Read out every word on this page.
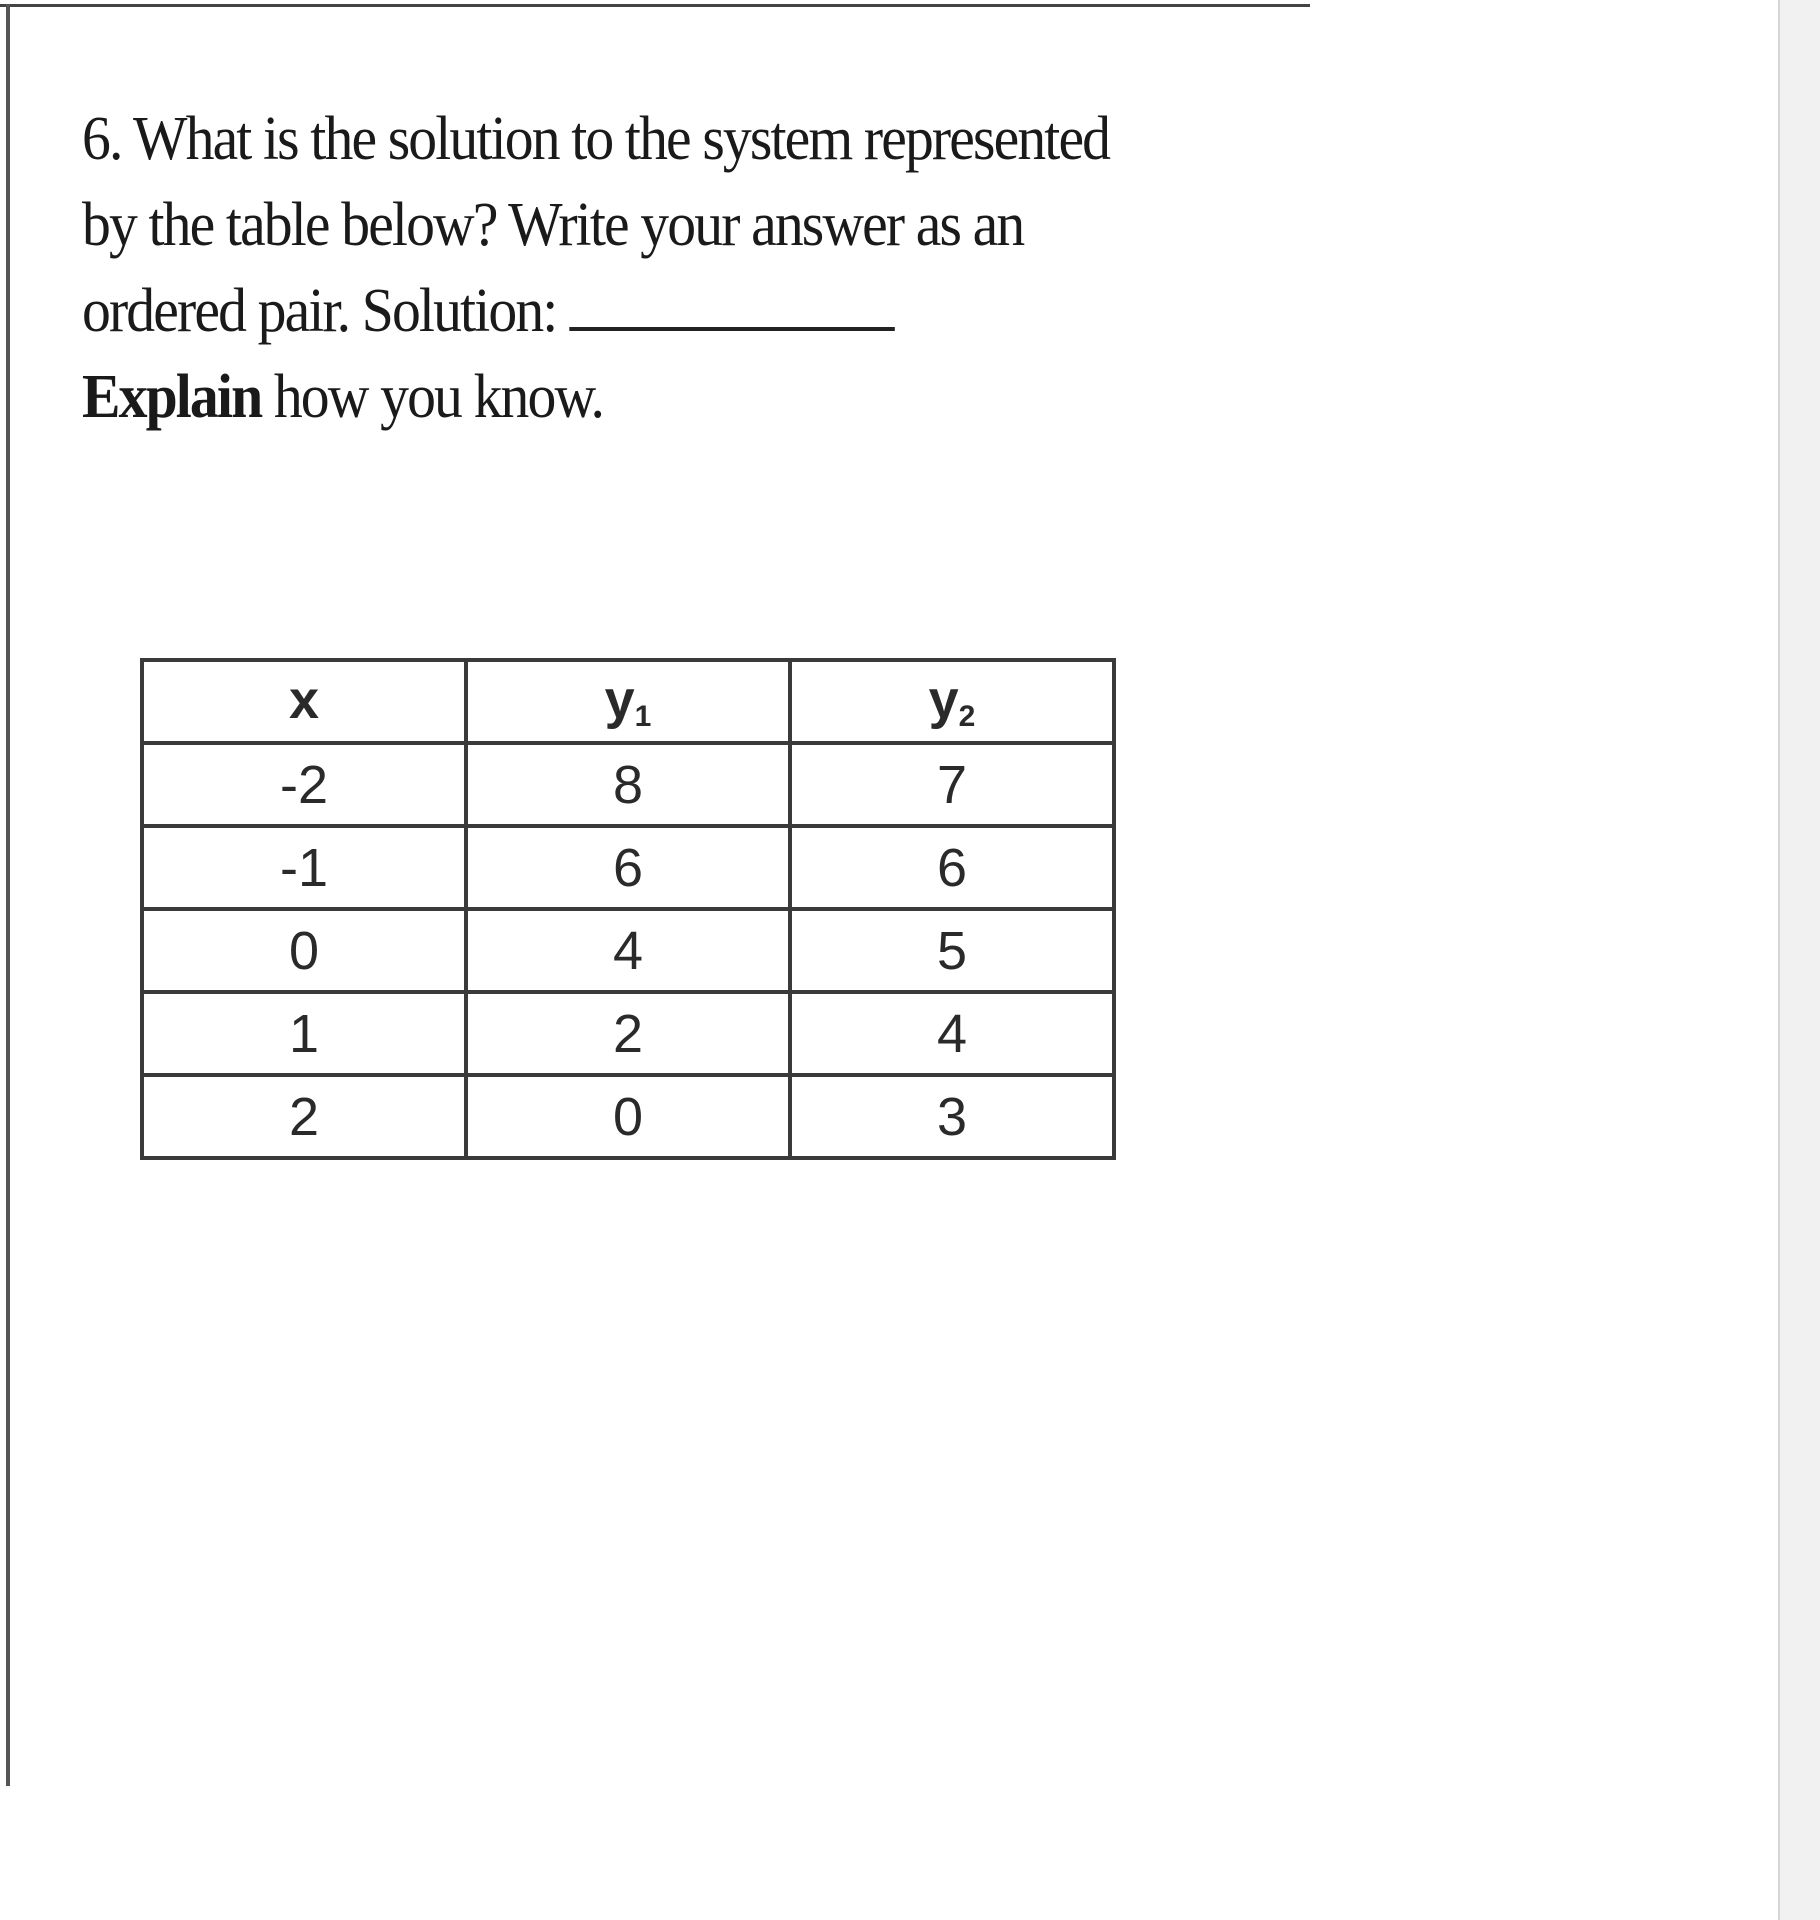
6. What is the solution to the system represented
by the table below? Write your answer as an
ordered pair. Solution:
Explain how you know.
x	$y_1$	$y_2$
-2	8	7
-1	6	6
0	4	5
1	2	4
2	0	3
